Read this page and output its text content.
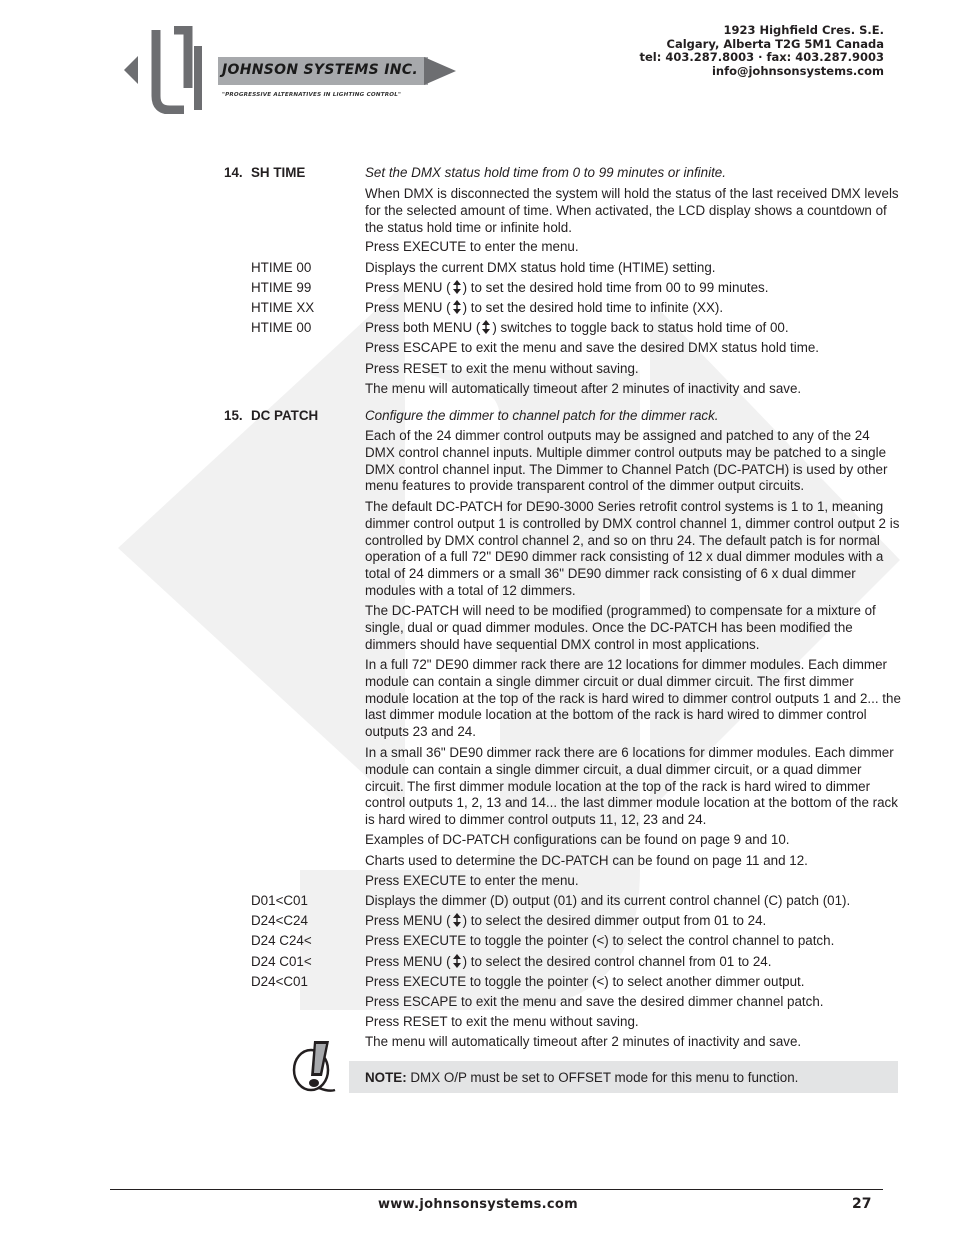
JOHNSON SYSTEMS INC.
"PROGRESSIVE ALTERNATIVES IN LIGHTING CONTROL"
1923 Highfield Cres. S.E.
Calgary, Alberta T2G 5M1 Canada
tel: 403.287.8003 · fax: 403.287.9003
info@johnsonsystems.com
14. SH TIME	Set the DMX status hold time from 0 to 99 minutes or infinite.
When DMX is disconnected the system will hold the status of the last received DMX levels for the selected amount of time. When activated, the LCD display shows a countdown of the status hold time or infinite hold.
Press EXECUTE to enter the menu.
HTIME 00	Displays the current DMX status hold time (HTIME) setting.
HTIME 99	Press MENU ( ) to set the desired hold time from 00 to 99 minutes.
HTIME XX	Press MENU ( ) to set the desired hold time to infinite (XX).
HTIME 00	Press both MENU ( ) switches to toggle back to status hold time of 00.
Press ESCAPE to exit the menu and save the desired DMX status hold time.
Press RESET to exit the menu without saving.
The menu will automatically timeout after 2 minutes of inactivity and save.
15. DC PATCH	Configure the dimmer to channel patch for the dimmer rack.
Each of the 24 dimmer control outputs may be assigned and patched to any of the 24 DMX control channel inputs. Multiple dimmer control outputs may be patched to a single DMX control channel input. The Dimmer to Channel Patch (DC-PATCH) is used by other menu features to provide transparent control of the dimmer output circuits.
The default DC-PATCH for DE90-3000 Series retrofit control systems is 1 to 1, meaning dimmer control output 1 is controlled by DMX control channel 1, dimmer control output 2 is controlled by DMX control channel 2, and so on thru 24. The default patch is for normal operation of a full 72" DE90 dimmer rack consisting of 12 x dual dimmer modules with a total of 24 dimmers or a small 36" DE90 dimmer rack consisting of 6 x dual dimmer modules with a total of 12 dimmers.
The DC-PATCH will need to be modified (programmed) to compensate for a mixture of single, dual or quad dimmer modules. Once the DC-PATCH has been modified the dimmers should have sequential DMX control in most applications.
In a full 72" DE90 dimmer rack there are 12 locations for dimmer modules. Each dimmer module can contain a single dimmer circuit or dual dimmer circuit. The first dimmer module location at the top of the rack is hard wired to dimmer control outputs 1 and 2... the last dimmer module location at the bottom of the rack is hard wired to dimmer control outputs 23 and 24.
In a small 36" DE90 dimmer rack there are 6 locations for dimmer modules. Each dimmer module can contain a single dimmer circuit, a dual dimmer circuit, or a quad dimmer circuit. The first dimmer module location at the top of the rack is hard wired to dimmer control outputs 1, 2, 13 and 14... the last dimmer module location at the bottom of the rack is hard wired to dimmer control outputs 11, 12, 23 and 24.
Examples of DC-PATCH configurations can be found on page 9 and 10.
Charts used to determine the DC-PATCH can be found on page 11 and 12.
Press EXECUTE to enter the menu.
D01<C01	Displays the dimmer (D) output (01) and its current control channel (C) patch (01).
D24<C24	Press MENU ( ) to select the desired dimmer output from 01 to 24.
D24 C24<	Press EXECUTE to toggle the pointer (<) to select the control channel to patch.
D24 C01<	Press MENU ( ) to select the desired control channel from 01 to 24.
D24<C01	Press EXECUTE to toggle the pointer (<) to select another dimmer output.
Press ESCAPE to exit the menu and save the desired dimmer channel patch.
Press RESET to exit the menu without saving.
The menu will automatically timeout after 2 minutes of inactivity and save.
NOTE: DMX O/P must be set to OFFSET mode for this menu to function.
www.johnsonsystems.com	27
